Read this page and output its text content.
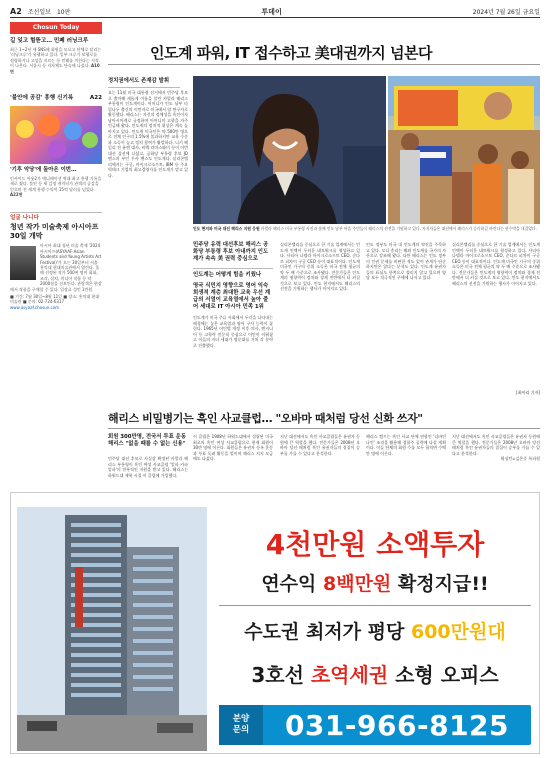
A2 조선일보 10판	투데이	2024년 7월 26일 금요일
Chosun Today
길 잊고 헐뜯고… 민폐 러닝크루
최근 1~2년 새 SNS에 회원을 모으고 단체로 달리는 '러닝크루'가 유행하고 있다. 일부 크루가 보행로를 점령하거나 고성을 지르는 등 민폐를 끼친다는 지적이 나온다. 서울시 등 지자체도 단속에 나섰다. A10면
'불안에 공감' 흥행 신기록	A22
'기후 악당'에 돌아온 이번…
인사이드 아웃2가 애니메이션 역대 최고 흥행 기록을 새로 썼다. 불안 등 새 감정 캐릭터가 관객의 공감을 얻으며 전 세계 흥행 수익이 15억 달러를 넘었다. A22면
얼굴 나니다
청년 작가 미술축제 아시아프 30일 개막
아시아 최대 청년 미술 축제 '2024 아시아프(ASYAAF·Asian Students and Young Artists Art Festival)'가 오는 30일부터 서울 홍익대 현대미술관에서 열린다. 올해 선정된 작가 500여 명이 회화, 조각, 설치, 미디어 작품 등 약 2000점을 선보인다. 관람객은 현장에서 작품을 구매할 수 있다. 입장료 성인 1만원.
■ 기간: 7월 30일~8월 11일 ■ 장소: 홍익대 현대미술관 ■ 문의: 02-724-6317
www.asyaaf.chosun.com
인도계 파워, IT 접수하고 美대권까지 넘본다
정치권에서도 존재감 발휘
요는 11월 미국 대통령 선거에서 민주당 후보로 출마해 새롭게 이름을 알린 카멀라 해리스 부통령이 인도계이다. 어머니가 인도 남부 타밀나두 출신의 이민자로 미국에서 암 연구자로 활동했다. 해리스는 자신의 정체성을 흑인이자 남아시아계로 규정하며 어머니의 고향을 자주 언급해 왔다. 인도계의 정치적 위상은 계속 높아지고 있다. 인도계 미국인은 약 500만 명으로 전체 인구의 1.5%에 불과하지만 교육 수준과 소득이 높고 정치 참여가 활발하다. 니키 헤일리 전 유엔 대사, 비벡 라마스와미 등이 이번 대선 경선에 나섰고, 공화당 부통령 후보 JD 밴스의 부인 우샤 밴스도 인도계다. 실리콘밸리에서는 구글, 마이크로소프트, IBM 등 주요 빅테크 기업의 최고경영자를 인도계가 맡고 있다.
인도 현지와 미국 대선 해리스 지원 응원 카멀라 해리스 미국 부통령 사진과 함께 인도 남부 마을 주민들이 해리스의 선전을 기원하고 있다. 지지자들은 대선에서 해리스가 승리하길 바란다는 현수막을 내걸었다.
민주당 유력 대선후보 해리스 공화당 부통령 후보 아내까지 인도계가 속속 美 권력 중심으로
인도계는 어떻게 힘을 키웠나
영국 식민지 영향으로 영어 익숙 희생적 계층 최대한 교육 우선 계급의 서열이 교육열에서 높아 줄어 세대로 IT 아시아 민족 1위
인도계가 미국 주류 사회에서 두각을 나타내는 배경에는 높은 교육열과 영어 구사 능력이 꼽힌다. 1965년 이민법 개정 이후 의사, 엔지니어 등 고학력 전문직 중심으로 이민이 이뤄졌고 이들의 자녀 세대가 명문대를 거쳐 각 분야로 진출했다.
실리콘밸리를 중심으로 한 기술 업계에서는 인도계 인맥이 두터운 네트워크를 형성하고 있다. 사티아 나델라 마이크로소프트 CEO, 순다르 피차이 구글 CEO 등이 대표적이다. 인도계 미국인 가구의 중위 소득은 미국 전체 평균의 약 두 배 수준으로 조사됐다. 전문가들은 인도계의 영향력이 정치와 경제 전반에서 더 커질 것으로 보고 있다. 인도 현지에서도 해리스의 선전을 기원하는 행사가 이어지고 있다.
인도 정부도 미국 내 인도계의 약진을 주목하고 있다. 모디 총리는 해외 인도계를 국가의 자산으로 강조해 왔다. 다만 해리스는 인도 정부의 인권 문제를 비판한 적도 있어 관계가 단순하지만은 않다는 분석도 있다. 인도계 유권자들의 표심도 한쪽으로 쏠리지 않고 있으며 양당 모두 적극적인 구애에 나서고 있다.
실리콘밸리를 중심으로 한 기술 업계에서는 인도계 인맥이 두터운 네트워크를 형성하고 있다. 사티아 나델라 마이크로소프트 CEO, 순다르 피차이 구글 CEO 등이 대표적이다. 인도계 미국인 가구의 중위 소득은 미국 전체 평균의 약 두 배 수준으로 조사됐다. 전문가들은 인도계의 영향력이 정치와 경제 전반에서 더 커질 것으로 보고 있다. 인도 현지에서도 해리스의 선전을 기원하는 행사가 이어지고 있다.
[최아리 기자]
해리스 비밀병기는 흑인 사교클럽… "오바마 때처럼 당선 신화 쓰자"
회원 300만명, 전국서 투표 운동 해리스 "없을 때를 수 없는 신용"
민주당 대선 후보로 사실상 확정된 카멀라 해리스 부통령이 흑인 여성 사교클럽 '알파 카파 알파'의 전폭적인 지원을 받고 있다. 해리스는 하워드대 재학 시절 이 클럽에 가입했다.
이 클럽은 1908년 하워드대에서 설립된 미국 최초의 흑인 여성 사교클럽으로 현재 회원이 30만 명에 이른다. 회원들은 유권자 등록 운동과 투표 독려 활동을 벌이며 해리스 지지 모금에도 나섰다.
지난 대선에서도 흑인 사교클럽들은 유권자 동원에 큰 역할을 했다. 전문가들은 2008년 오바마 당선 때처럼 흑인 유권자들의 결집이 승부를 가를 수 있다고 분석한다.
해리스 캠프는 흑인 사교 단체 연합인 '디바인 나인' 조직을 활용해 경합주 공략에 나설 계획이다. 이들 단체의 회원 수를 모두 합치면 수백만 명에 이른다.
지난 대선에서도 흑인 사교클럽들은 유권자 동원에 큰 역할을 했다. 전문가들은 2008년 오바마 당선 때처럼 흑인 유권자들의 결집이 승부를 가를 수 있다고 분석한다.
워싱턴=김은중 특파원
4천만원 소액투자
연수익 8백만원 확정지급!!
수도권 최저가 평당 600만원대
3호선 초역세권 소형 오피스
분양
문의	031-966-8125
